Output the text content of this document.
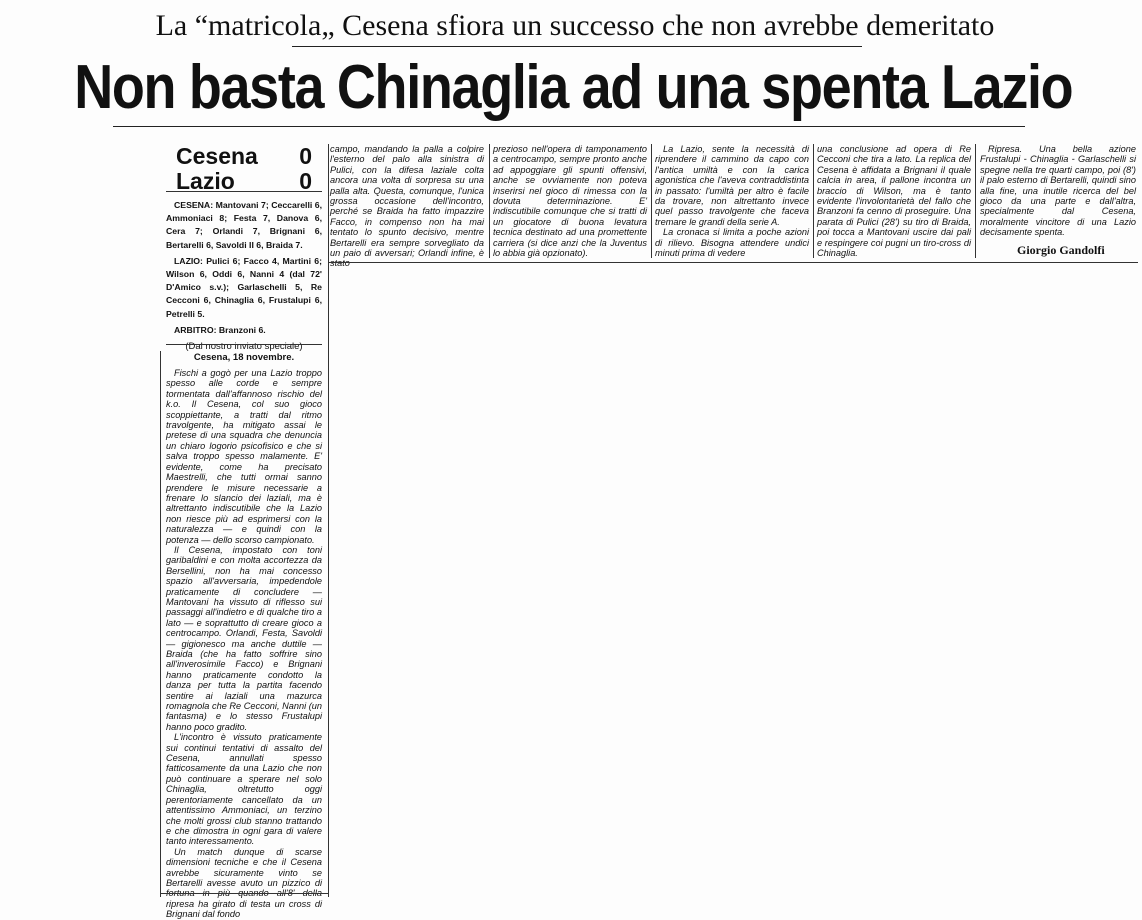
La “matricola„ Cesena sfiora un successo che non avrebbe demeritato
Non basta Chinaglia ad una spenta Lazio
Cesena 0
Lazio	0

CESENA: Mantovani 7; Ceccarelli 6, Ammoniaci 8; Festa 7, Danova 6, Cera 7; Orlandi 7, Brignani 6, Bertarelli 6, Savoldi II 6, Braida 7.

LAZIO: Pulici 6; Facco 4, Martini 6; Wilson 6, Oddi 6, Nanni 4 (dal 72' D'Amico s.v.); Garlaschelli 5, Re Cecconi 6, Chinaglia 6, Frustalupi 6, Petrelli 5.

ARBITRO: Branzoni 6.

(Dal nostro inviato speciale)
Cesena, 18 novembre.

Fischi a gogò per una Lazio troppo spesso alle corde e sempre tormentata dall'affannoso rischio del k.o. Il Cesena, col suo gioco scoppiettante, a tratti dal ritmo travolgente, ha mitigato assai le pretese di una squadra che denuncia un chiaro logorio psicofisico e che si salva troppo spesso malamente. E' evidente, come ha precisato Maestrelli, che tutti ormai sanno prendere le misure necessarie a frenare lo slancio dei laziali, ma è altrettanto indiscutibile che la Lazio non riesce più ad esprimersi con la naturalezza — e quindi con la potenza — dello scorso campionato.

Il Cesena, impostato con toni garibaldini e con molta accortezza da Bersellini, non ha mai concesso spazio all'avversaria, impedendole praticamente di concludere — Mantovani ha vissuto di riflesso sui passaggi all'indietro e di qualche tiro a lato — e soprattutto di creare gioco a centrocampo. Orlandi, Festa, Savoldi — gigionesco ma anche duttile — Braida (che ha fatto soffrire sino all'inverosimile Facco) e Brignani hanno praticamente condotto la danza per tutta la partita facendo sentire ai laziali una mazurca romagnola che Re Cecconi, Nanni (un fantasma) e lo stesso Frustalupi hanno poco gradito.

L'incontro è vissuto praticamente sui continui tentativi di assalto del Cesena, annullati spesso fatticosamente da una Lazio che non può continuare a sperare nel solo Chinaglia, oltretutto oggi perentoriamente cancellato da un attentissimo Ammoniaci, un terzino che molti grossi club stanno trattando e che dimostra in ogni gara di valere tanto interessamento.

Un match dunque di scarse dimensioni tecniche e che il Cesena avrebbe sicuramente vinto se Bertarelli avesse avuto un pizzico di fortuna in più quando all'8' della ripresa ha girato di testa un cross di Brignani dal fondo

campo, mandando la palla a colpire l'esterno del palo alla sinistra di Pulici, con la difesa laziale colta ancora una volta di sorpresa su una palla alta. Questa, comunque, l'unica grossa occasione dell'incontro, perché se Braida ha fatto impazzire Facco, in compenso non ha mai tentato lo spunto decisivo, mentre Bertarelli era sempre sorvegliato da un paio di avversari; Orlandi infine, è stato

prezioso nell'opera di tamponamento a centrocampo, sempre pronto anche ad appoggiare gli spunti offensivi, anche se ovviamente non poteva inserirsi nel gioco di rimessa con la dovuta determinazione. E' indiscutibile comunque che si tratti di un giocatore di buona levatura tecnica destinato ad una promettente carriera (si dice anzi che la Juventus lo abbia già opzionato).

La Lazio, sente la necessità di riprendere il cammino da capo con l'antica umiltà e con la carica agonistica che l'aveva contraddistinta in passato: l'umiltà per altro è facile da trovare, non altrettanto invece quel passo travolgente che faceva tremare le grandi della serie A.

La cronaca si limita a poche azioni di rilievo. Bisogna attendere undici minuti prima di vedere

una conclusione ad opera di Re Cecconi che tira a lato. La replica del Cesena è affidata a Brignani il quale calcia in area, il pallone incontra un braccio di Wilson, ma è tanto evidente l'involontarietà del fallo che Branzoni fa cenno di proseguire. Una parata di Pulici (28') su tiro di Braida, poi tocca a Mantovani uscire dai pali e respingere coi pugni un tiro-cross di Chinaglia.

Ripresa. Una bella azione Frustalupi - Chinaglia - Garlaschelli si spegne nella tre quarti campo, poi (8') il palo esterno di Bertarelli, quindi sino alla fine, una inutile ricerca del bel gioco da una parte e dall'altra, specialmente dal Cesena, moralmente vincitore di una Lazio decisamente spenta.

Giorgio Gandolfi
